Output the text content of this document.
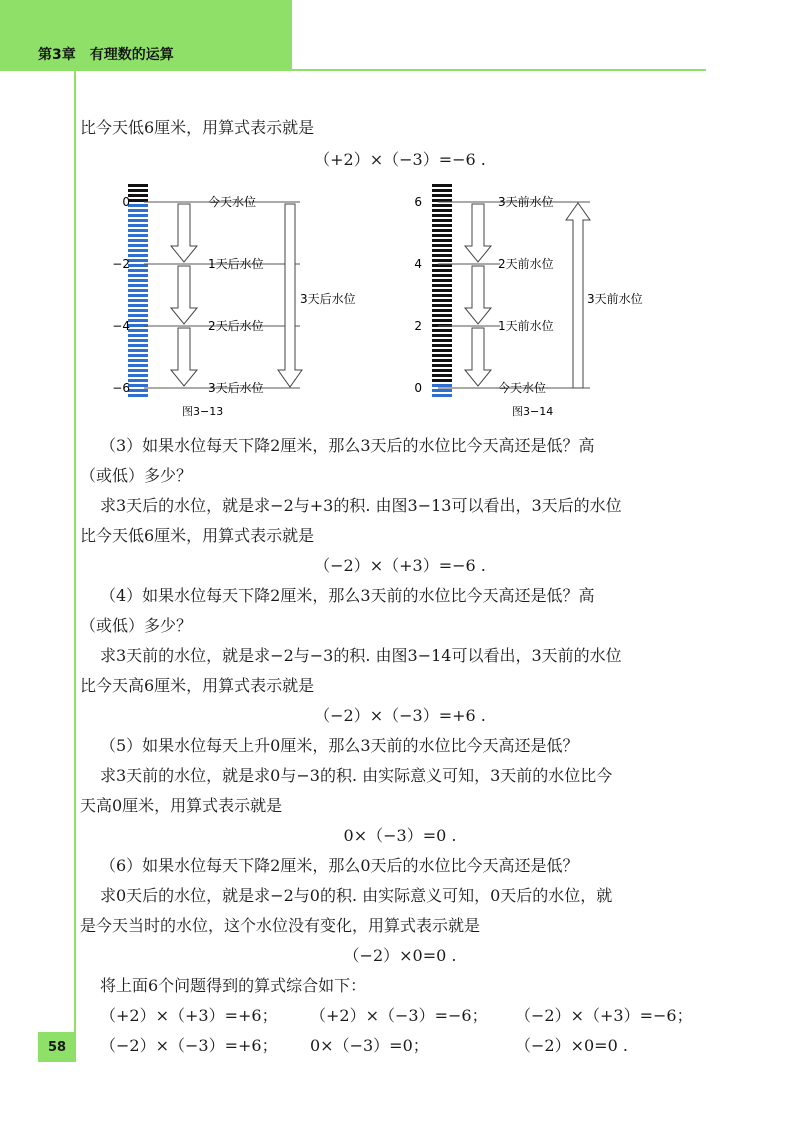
第3章　有理数的运算
比今天低6厘米，用算式表示就是
（+2）×（−3）=−6 .
0
−2
−4
−6
今天水位
1天后水位
2天后水位
3天后水位
3天后水位
图3−13
6
4
2
0
3天前水位
2天前水位
1天前水位
今天水位
3天前水位
图3−14
（3）如果水位每天下降2厘米，那么3天后的水位比今天高还是低？高
（或低）多少？
求3天后的水位，就是求−2与+3的积. 由图3−13可以看出，3天后的水位
比今天低6厘米，用算式表示就是
（−2）×（+3）=−6 .
（4）如果水位每天下降2厘米，那么3天前的水位比今天高还是低？高
（或低）多少？
求3天前的水位，就是求−2与−3的积. 由图3−14可以看出，3天前的水位
比今天高6厘米，用算式表示就是
（−2）×（−3）=+6 .
（5）如果水位每天上升0厘米，那么3天前的水位比今天高还是低？
求3天前的水位，就是求0与−3的积. 由实际意义可知，3天前的水位比今
天高0厘米，用算式表示就是
0×（−3）=0 .
（6）如果水位每天下降2厘米，那么0天后的水位比今天高还是低？
求0天后的水位，就是求−2与0的积. 由实际意义可知，0天后的水位，就
是今天当时的水位，这个水位没有变化，用算式表示就是
（−2）×0=0 .
将上面6个问题得到的算式综合如下：
（+2）×（+3）=+6； （+2）×（−3）=−6； （−2）×（+3）=−6；
（−2）×（−3）=+6； 0×（−3）=0；	（−2）×0=0 .
58
